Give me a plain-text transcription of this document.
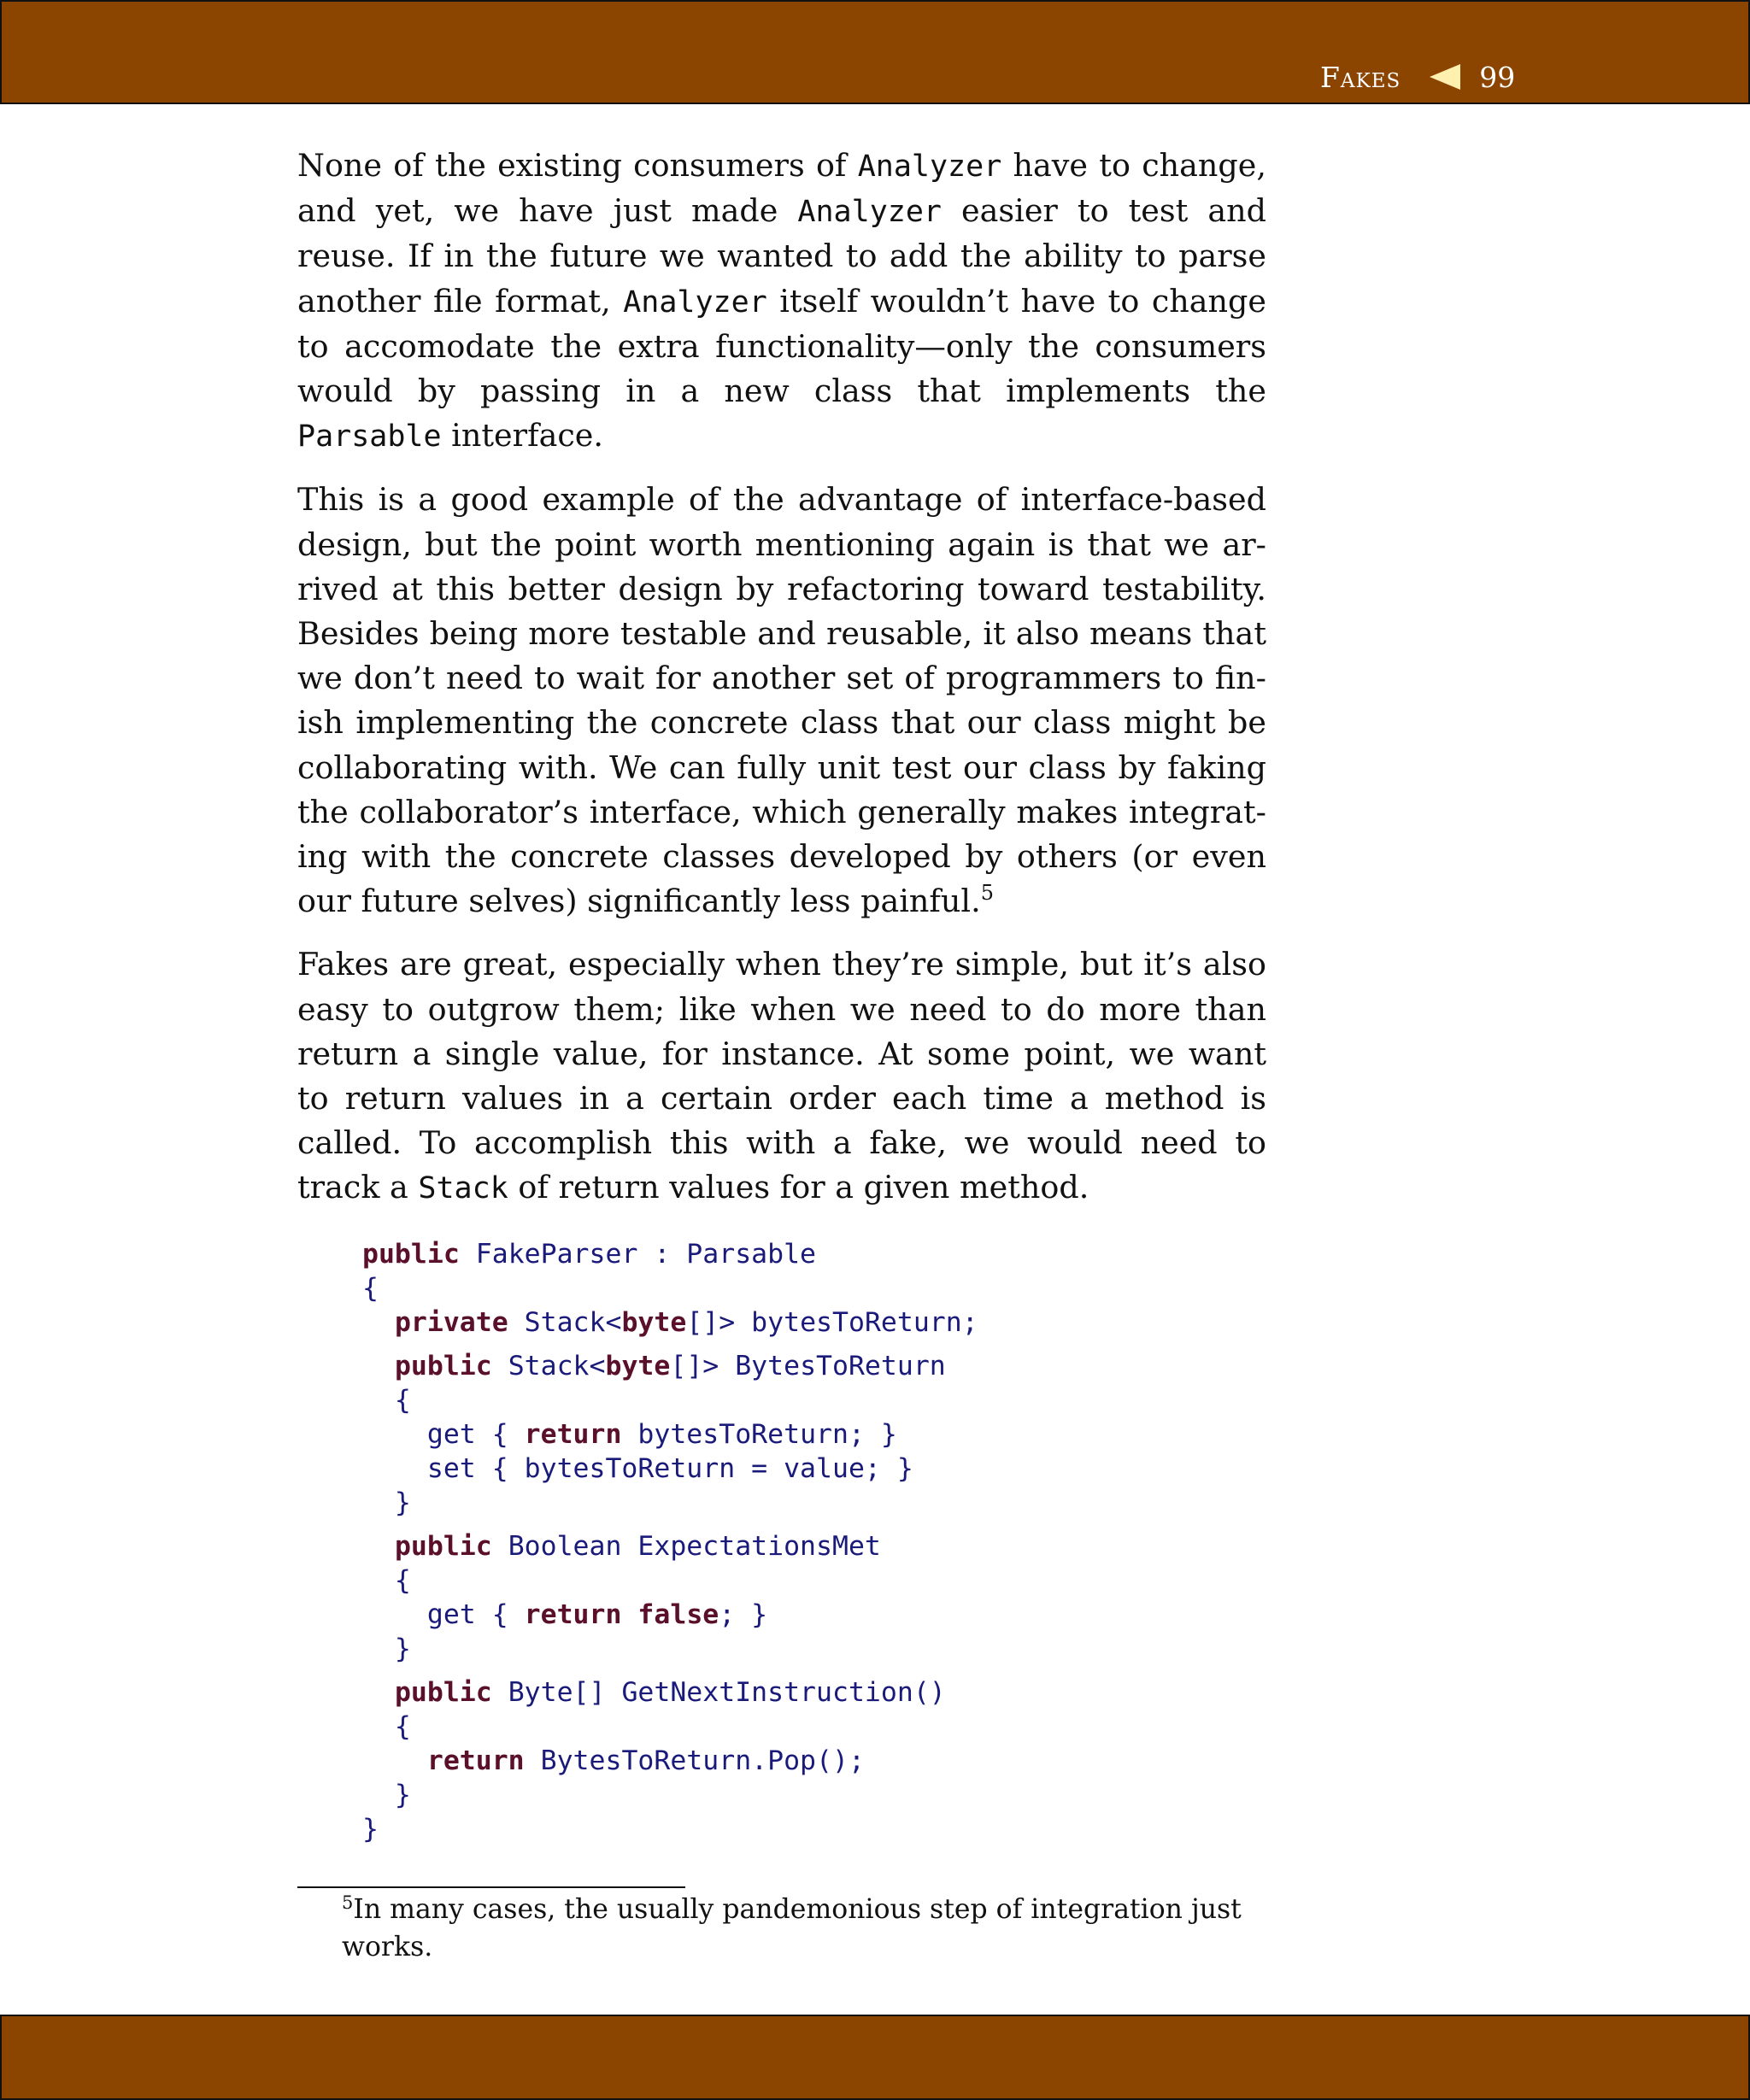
Fakes	99

None of the existing consumers of Analyzer have to change, and yet, we have just made Analyzer easier to test and reuse. If in the future we wanted to add the ability to parse another file format, Analyzer itself wouldn’t have to change to accomodate the extra functionality—only the consumers would by passing in a new class that implements the Parsable interface.

This is a good example of the advantage of interface-based design, but the point worth mentioning again is that we arrived at this better design by refactoring toward testability. Besides being more testable and reusable, it also means that we don’t need to wait for another set of programmers to finish implementing the concrete class that our class might be collaborating with. We can fully unit test our class by faking the collaborator’s interface, which generally makes integrating with the concrete classes developed by others (or even our future selves) significantly less painful.$^5$

Fakes are great, especially when they’re simple, but it’s also easy to outgrow them; like when we need to do more than return a single value, for instance. At some point, we want to return values in a certain order each time a method is called. To accomplish this with a fake, we would need to track a Stack of return values for a given method.

public FakeParser : Parsable
{
private Stack<byte[]> bytesToReturn;
public Stack<byte[]> BytesToReturn
{
get { return bytesToReturn; }
set { bytesToReturn = value; }
}
public Boolean ExpectationsMet
{
get { return false; }
}
public Byte[] GetNextInstruction()
{
return BytesToReturn.Pop();
}
}
$^5$In many cases, the usually pandemonious step of integration just works.
